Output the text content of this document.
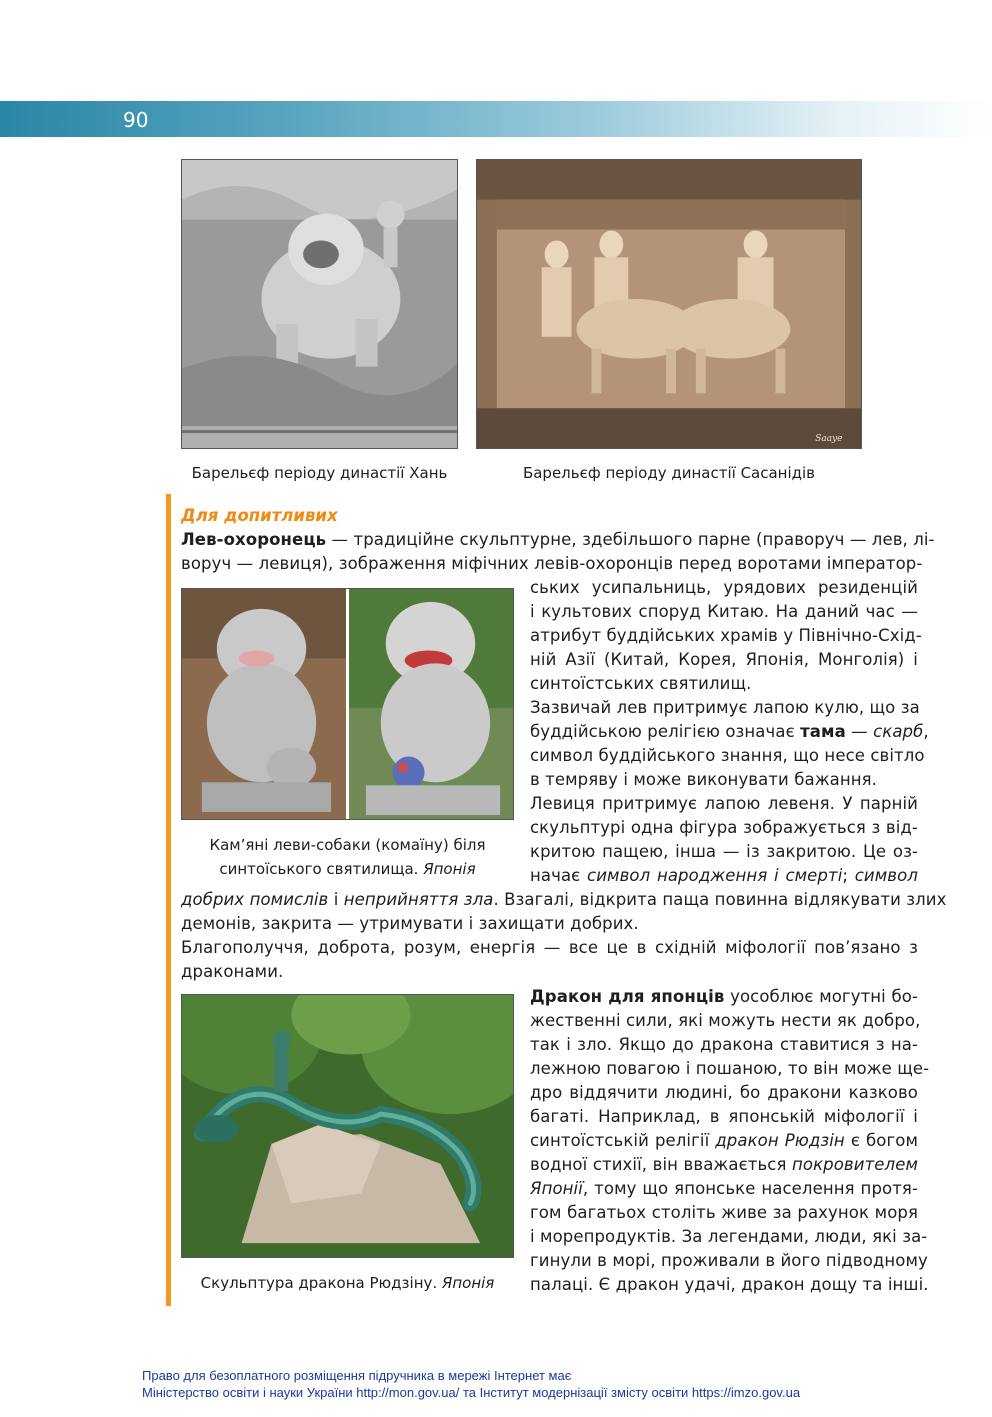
90
Saaye
Барельєф періоду династії Хань	Барельєф періоду династії Сасанідів
Для допитливих
Лев-охоронець — традиційне скульптурне, здебільшого парне (праворуч — лев, лі-
воруч — левиця), зображення міфічних левів-охоронців перед воротами імператор-
Кам’яні леви-собаки (комаїну) біля
синтоїського святилища. Японія
ських усипальниць, урядових резиденцій
і культових споруд Китаю. На даний час —
атрибут буддійських храмів у Північно-Схід-
ній Азії (Китай, Корея, Японія, Монголія) і
синтоїстських святилищ.
Зазвичай лев притримує лапою кулю, що за
буддійською релігією означає тама — скарб,
символ буддійського знання, що несе світло
в темряву і може виконувати бажання.
Левиця притримує лапою левеня. У парній
скульптурі одна фігура зображується з від-
критою пащею, інша — із закритою. Це оз-
начає символ народження і смерті; символ
добрих помислів і неприйняття зла. Взагалі, відкрита паща повинна відлякувати злих
демонів, закрита — утримувати і захищати добрих.
Благополуччя, доброта, розум, енергія — все це в східній міфології пов’язано з
драконами.
Скульптура дракона Рюдзіну. Японія
Дракон для японців уособлює могутні бо-
жественні сили, які можуть нести як добро,
так і зло. Якщо до дракона ставитися з на-
лежною повагою і пошаною, то він може ще-
дро віддячити людині, бо дракони казково
багаті. Наприклад, в японській міфології і
синтоїстській релігії дракон Рюдзін є богом
водної стихії, він вважається покровителем
Японії, тому що японське населення протя-
гом багатьох століть живе за рахунок моря
і морепродуктів. За легендами, люди, які за-
гинули в морі, проживали в його підводному
палаці. Є дракон удачі, дракон дощу та інші.
Право для безоплатного розміщення підручника в мережі Інтернет має
Міністерство освіти і науки України http://mon.gov.ua/ та Інститут модернізації змісту освіти https://imzo.gov.ua
